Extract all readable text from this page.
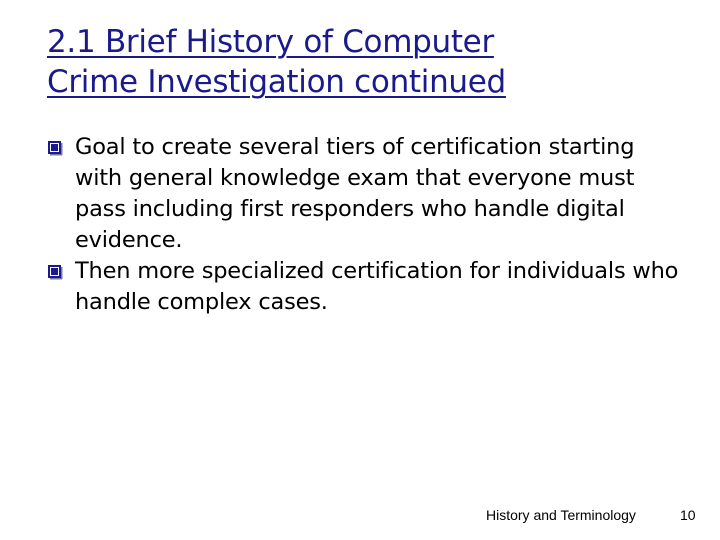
2.1 Brief History of Computer
Crime Investigation continued
Goal to create several tiers of certification starting with general knowledge exam that everyone must pass including first responders who handle digital evidence.
Then more specialized certification for individuals who handle complex cases.
History and Terminology	10
